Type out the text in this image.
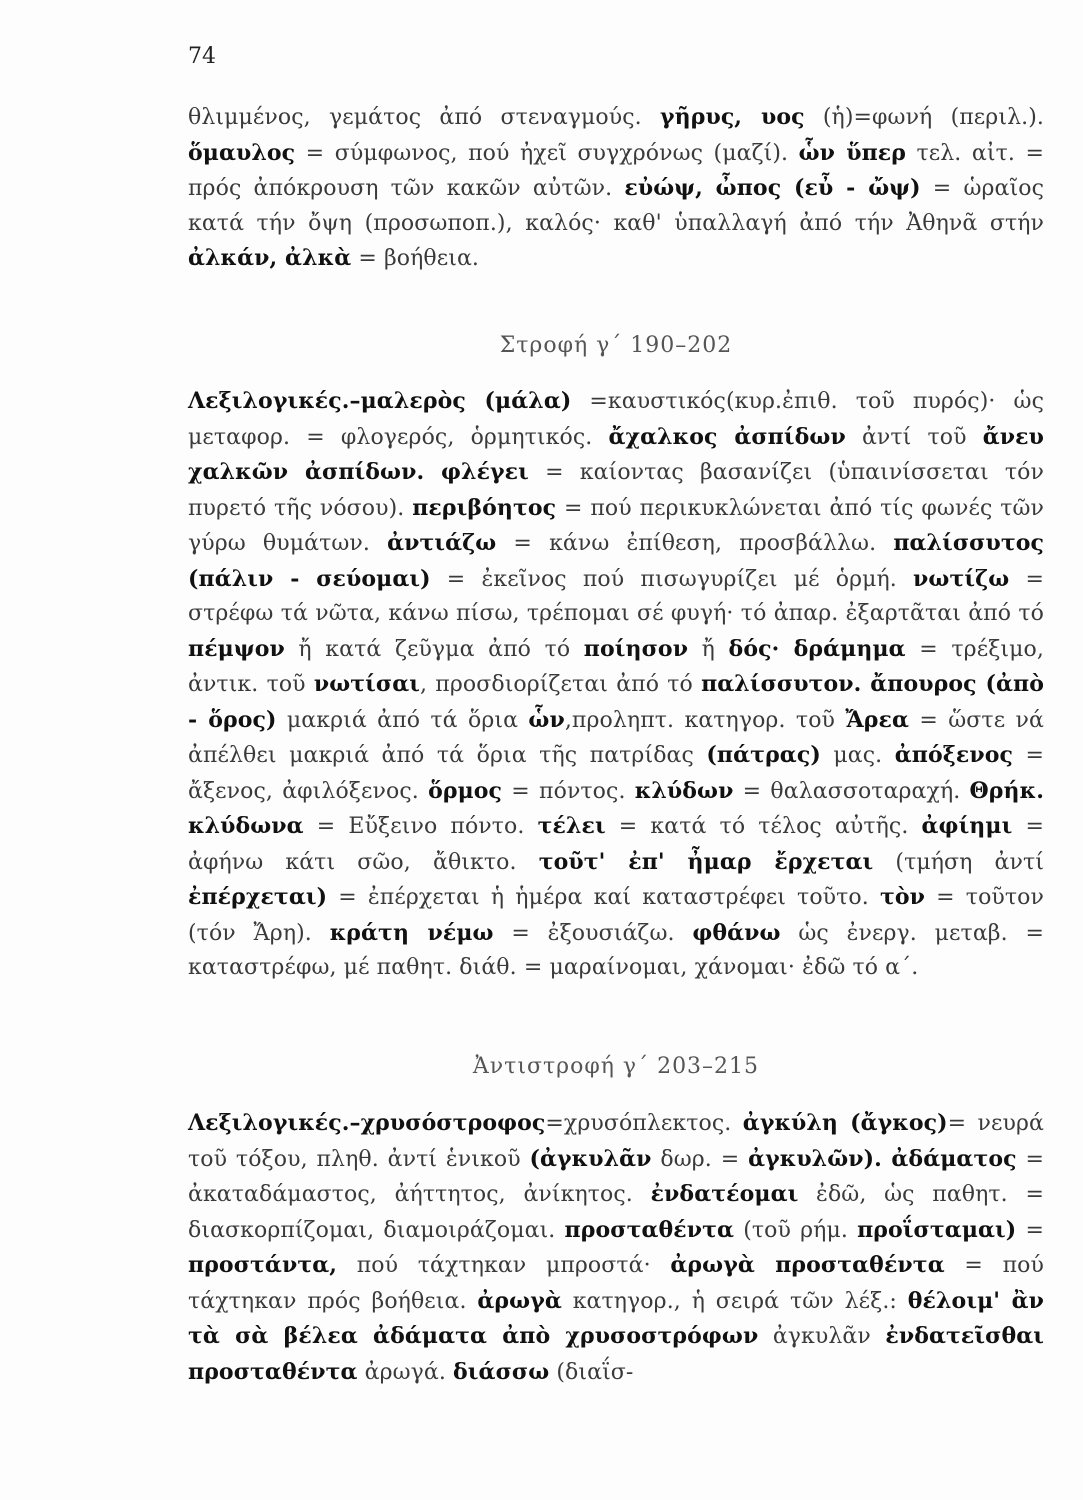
74
θλιμμένος, γεμάτος ἀπό στεναγμούς. γῆρυς, υος (ἡ)=φωνή (περιλ.). ὅμαυλος = σύμφωνος, πού ἠχεῖ συγχρόνως (μαζί). ὧν ὕπερ τελ. αἰτ. = πρός ἀπόκρουση τῶν κακῶν αὐτῶν. εὐώψ, ὦπος (εὖ - ὤψ) = ὡραῖος κατά τήν ὄψη (προσωποπ.), καλός· καθ' ὑπαλλαγή ἀπό τήν Ἀθηνᾶ στήν ἀλκάν, ἀλκὰ = βοήθεια.
Στροφή γ΄ 190–202
Λεξιλογικές.–μαλερὸς (μάλα) =καυστικός(κυρ.ἐπιθ. τοῦ πυρός)· ὡς μεταφορ. = φλογερός, ὁρμητικός. ἄχαλκος ἀσπίδων ἀντί τοῦ ἄνευ χαλκῶν ἀσπίδων. φλέγει = καίοντας βασανίζει (ὑπαινίσσεται τόν πυρετό τῆς νόσου). περιβόητος = πού περικυκλώνεται ἀπό τίς φωνές τῶν γύρω θυμάτων. ἀντιάζω = κάνω ἐπίθεση, προσβάλλω. παλίσσυτος (πάλιν - σεύομαι) = ἐκεῖνος πού πισωγυρίζει μέ ὁρμή. νωτίζω = στρέφω τά νῶτα, κάνω πίσω, τρέπομαι σέ φυγή· τό ἀπαρ. ἐξαρτᾶται ἀπό τό πέμψον ἤ κατά ζεῦγμα ἀπό τό ποίησον ἤ δός· δράμημα = τρέξιμο, ἀντικ. τοῦ νωτίσαι, προσδιορίζεται ἀπό τό παλίσσυτον. ἄπουρος (ἀπὸ - ὅρος) μακριά ἀπό τά ὅρια ὧν,προληπτ. κατηγορ. τοῦ Ἄρεα = ὥστε νά ἀπέλθει μακριά ἀπό τά ὅρια τῆς πατρίδας (πάτρας) μας. ἀπόξενος = ἄξενος, ἀφιλόξενος. ὅρμος = πόντος. κλύδων = θαλασσοταραχή. Θρήκ. κλύδωνα = Εὔξεινο πόντο. τέλει = κατά τό τέλος αὐτῆς. ἀφίημι = ἀφήνω κάτι σῶο, ἄθικτο. τοῦτ' ἐπ' ἦμαρ ἔρχεται (τμήση ἀντί ἐπέρχεται) = ἐπέρχεται ἡ ἡμέρα καί καταστρέφει τοῦτο. τὸν = τοῦτον (τόν Ἄρη). κράτη νέμω = ἐξουσιάζω. φθάνω ὡς ἐνεργ. μεταβ. = καταστρέφω, μέ παθητ. διάθ. = μαραίνομαι, χάνομαι· ἐδῶ τό α΄.
Ἀντιστροφή γ΄ 203–215
Λεξιλογικές.–χρυσόστροφος=χρυσόπλεκτος. ἀγκύλη (ἄγκος)= νευρά τοῦ τόξου, πληθ. ἀντί ἑνικοῦ (ἀγκυλᾶν δωρ. = ἀγκυλῶν). ἀδάματος = ἀκαταδάμαστος, ἀήττητος, ἀνίκητος. ἐνδατέομαι ἐδῶ, ὡς παθητ. = διασκορπίζομαι, διαμοιράζομαι. προσταθέντα (τοῦ ρήμ. προΐσταμαι) = προστάντα, πού τάχτηκαν μπροστά· ἀρωγὰ προσταθέντα = πού τάχτηκαν πρός βοήθεια. ἀρωγὰ κατηγορ., ἡ σειρά τῶν λέξ.: θέλοιμ' ἂν τὰ σὰ βέλεα ἀδάματα ἀπὸ χρυσοστρόφων ἀγκυλᾶν ἐνδατεῖσθαι προσταθέντα ἀρωγά. διάσσω (διαΐσ-
